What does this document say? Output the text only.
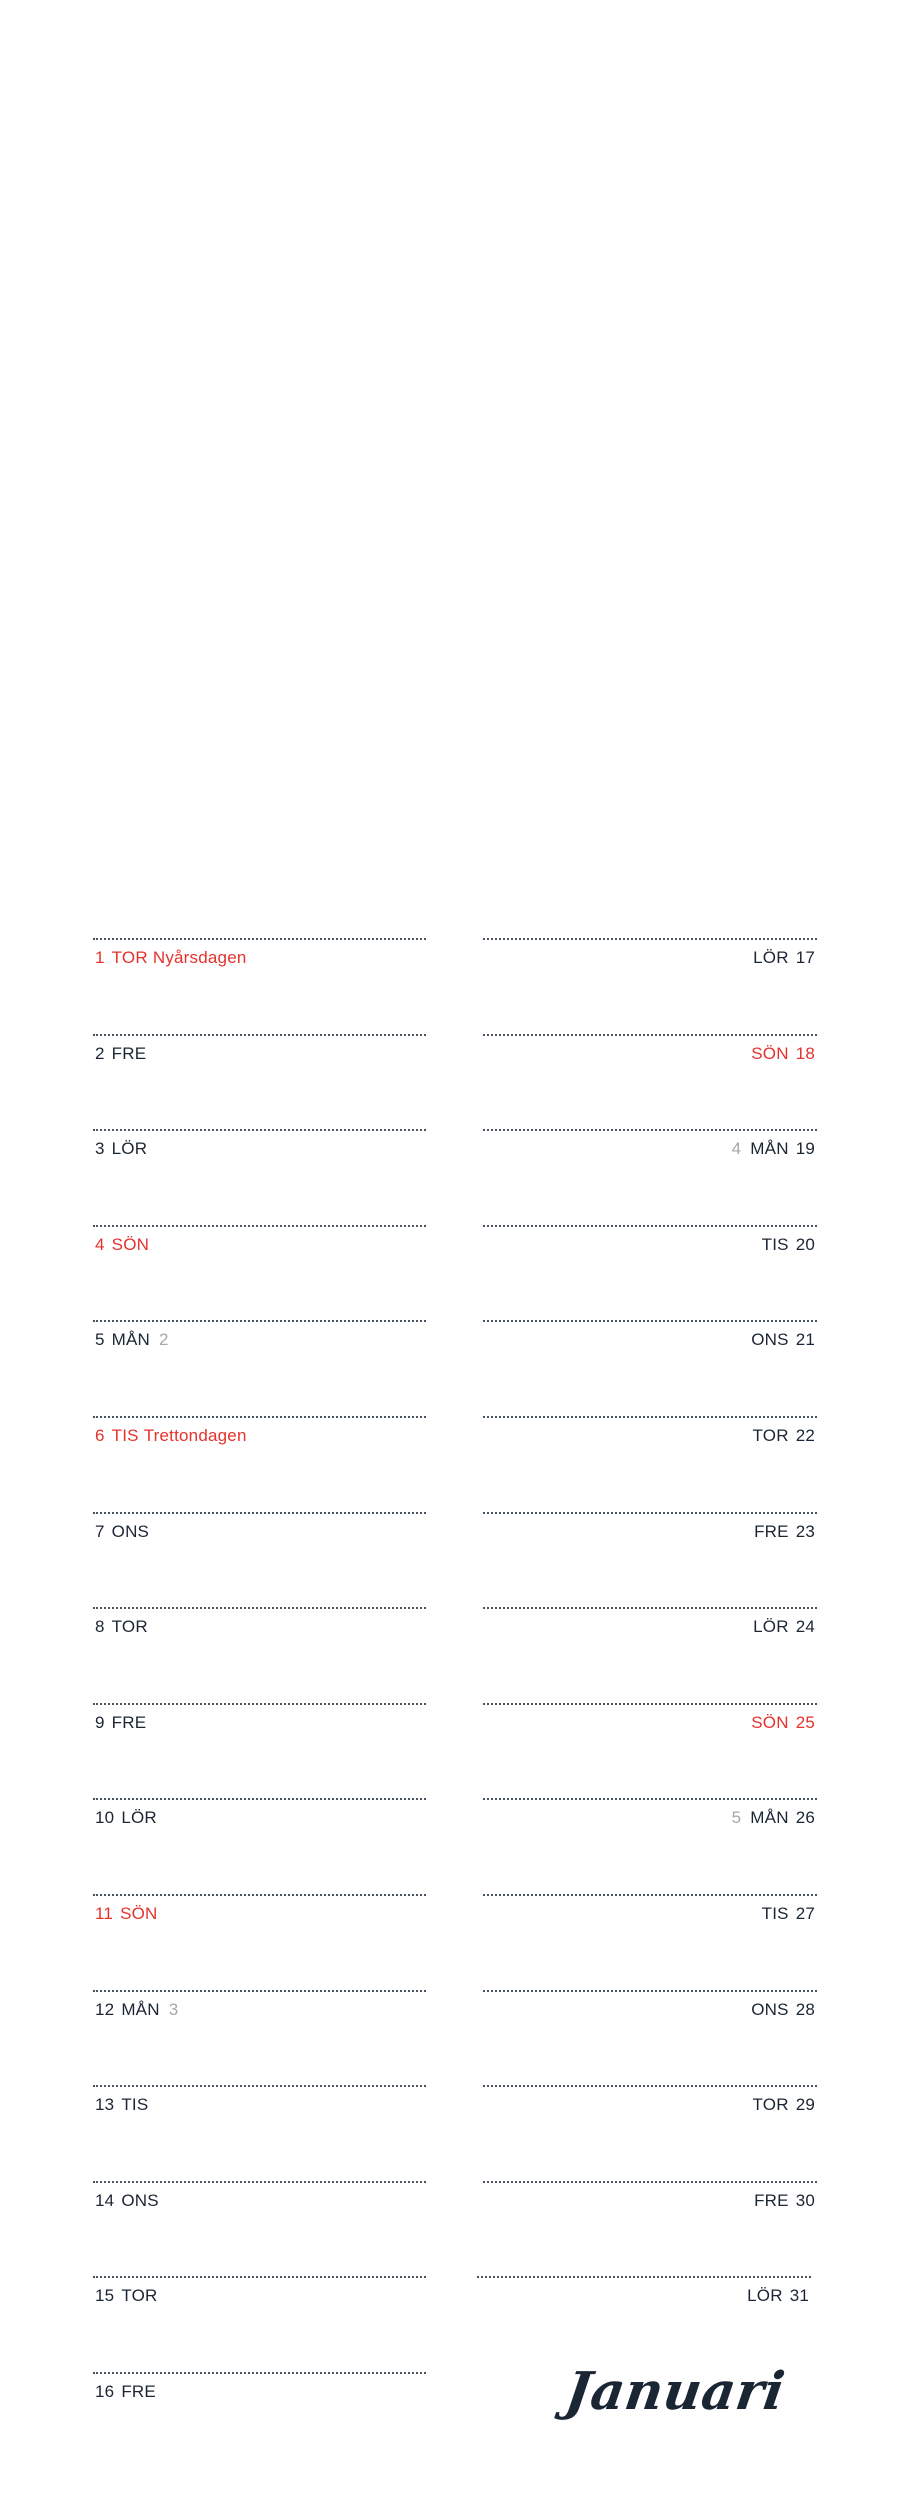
1 TOR Nyårsdagen
2 FRE
3 LÖR
4 SÖN
5 MÅN 2
6 TIS Trettondagen
7 ONS
8 TOR
9 FRE
10 LÖR
11 SÖN
12 MÅN 3
13 TIS
14 ONS
15 TOR
16 FRE
LÖR 17
SÖN 18
4 MÅN 19
TIS 20
ONS 21
TOR 22
FRE 23
LÖR 24
SÖN 25
5 MÅN 26
TIS 27
ONS 28
TOR 29
FRE 30
LÖR 31
Januari
